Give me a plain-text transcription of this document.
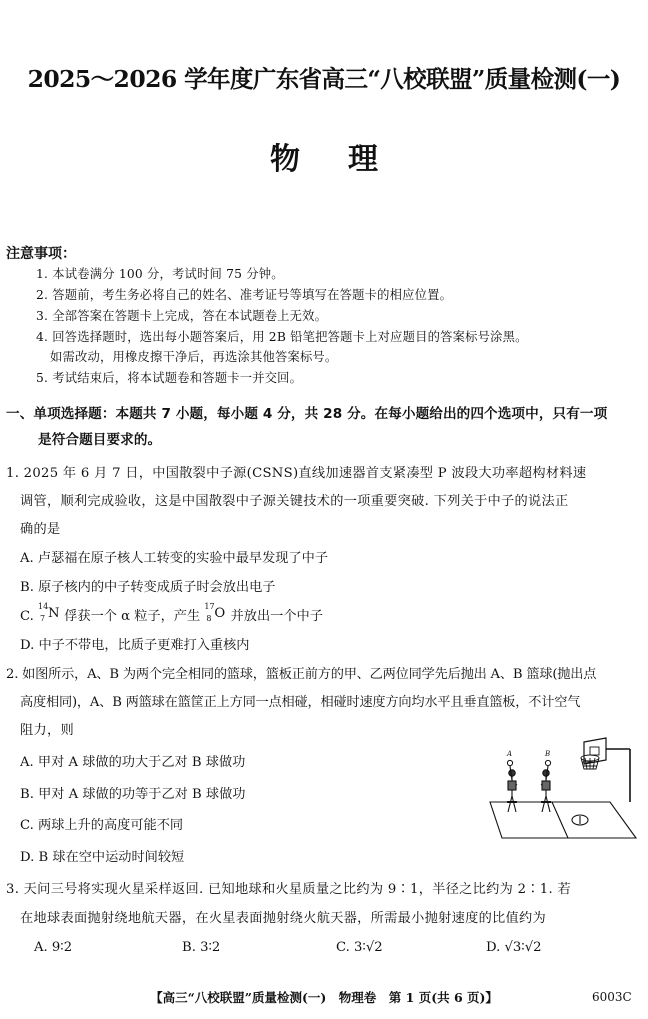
2025～2026 学年度广东省高三“八校联盟”质量检测(一)
物理
注意事项：
1. 本试卷满分 100 分，考试时间 75 分钟。
2. 答题前，考生务必将自己的姓名、准考证号等填写在答题卡的相应位置。
3. 全部答案在答题卡上完成，答在本试题卷上无效。
4. 回答选择题时，选出每小题答案后，用 2B 铅笔把答题卡上对应题目的答案标号涂黑。
如需改动，用橡皮擦干净后，再选涂其他答案标号。
5. 考试结束后，将本试题卷和答题卡一并交回。
一、单项选择题：本题共 7 小题，每小题 4 分，共 28 分。在每小题给出的四个选项中，只有一项
是符合题目要求的。
1. 2025 年 6 月 7 日，中国散裂中子源(CSNS)直线加速器首支紧凑型 P 波段大功率超构材料速
调管，顺利完成验收，这是中国散裂中子源关键技术的一项重要突破. 下列关于中子的说法正
确的是
A. 卢瑟福在原子核人工转变的实验中最早发现了中子
B. 原子核内的中子转变成质子时会放出电子
C.
14
7 N 俘获一个 α 粒子，产生
17
8 O 并放出一个中子
D. 中子不带电，比质子更难打入重核内
2. 如图所示，A、B 为两个完全相同的篮球，篮板正前方的甲、乙两位同学先后抛出 A、B 篮球(抛出点
高度相同)，A、B 两篮球在篮筐正上方同一点相碰，相碰时速度方向均水平且垂直篮板，不计空气
阻力，则
A. 甲对 A 球做的功大于乙对 B 球做功
B. 甲对 A 球做的功等于乙对 B 球做功
C. 两球上升的高度可能不同
D. B 球在空中运动时间较短
A	B
3. 天问三号将实现火星采样返回. 已知地球和火星质量之比约为 9∶1，半径之比约为 2∶1. 若
在地球表面抛射绕地航天器，在火星表面抛射绕火航天器，所需最小抛射速度的比值约为
A. 9∶2	B. 3∶2	C. 3∶√2	D. √3∶√2
【高三“八校联盟”质量检测(一)　物理卷　第 1 页(共 6 页)】	6003C
